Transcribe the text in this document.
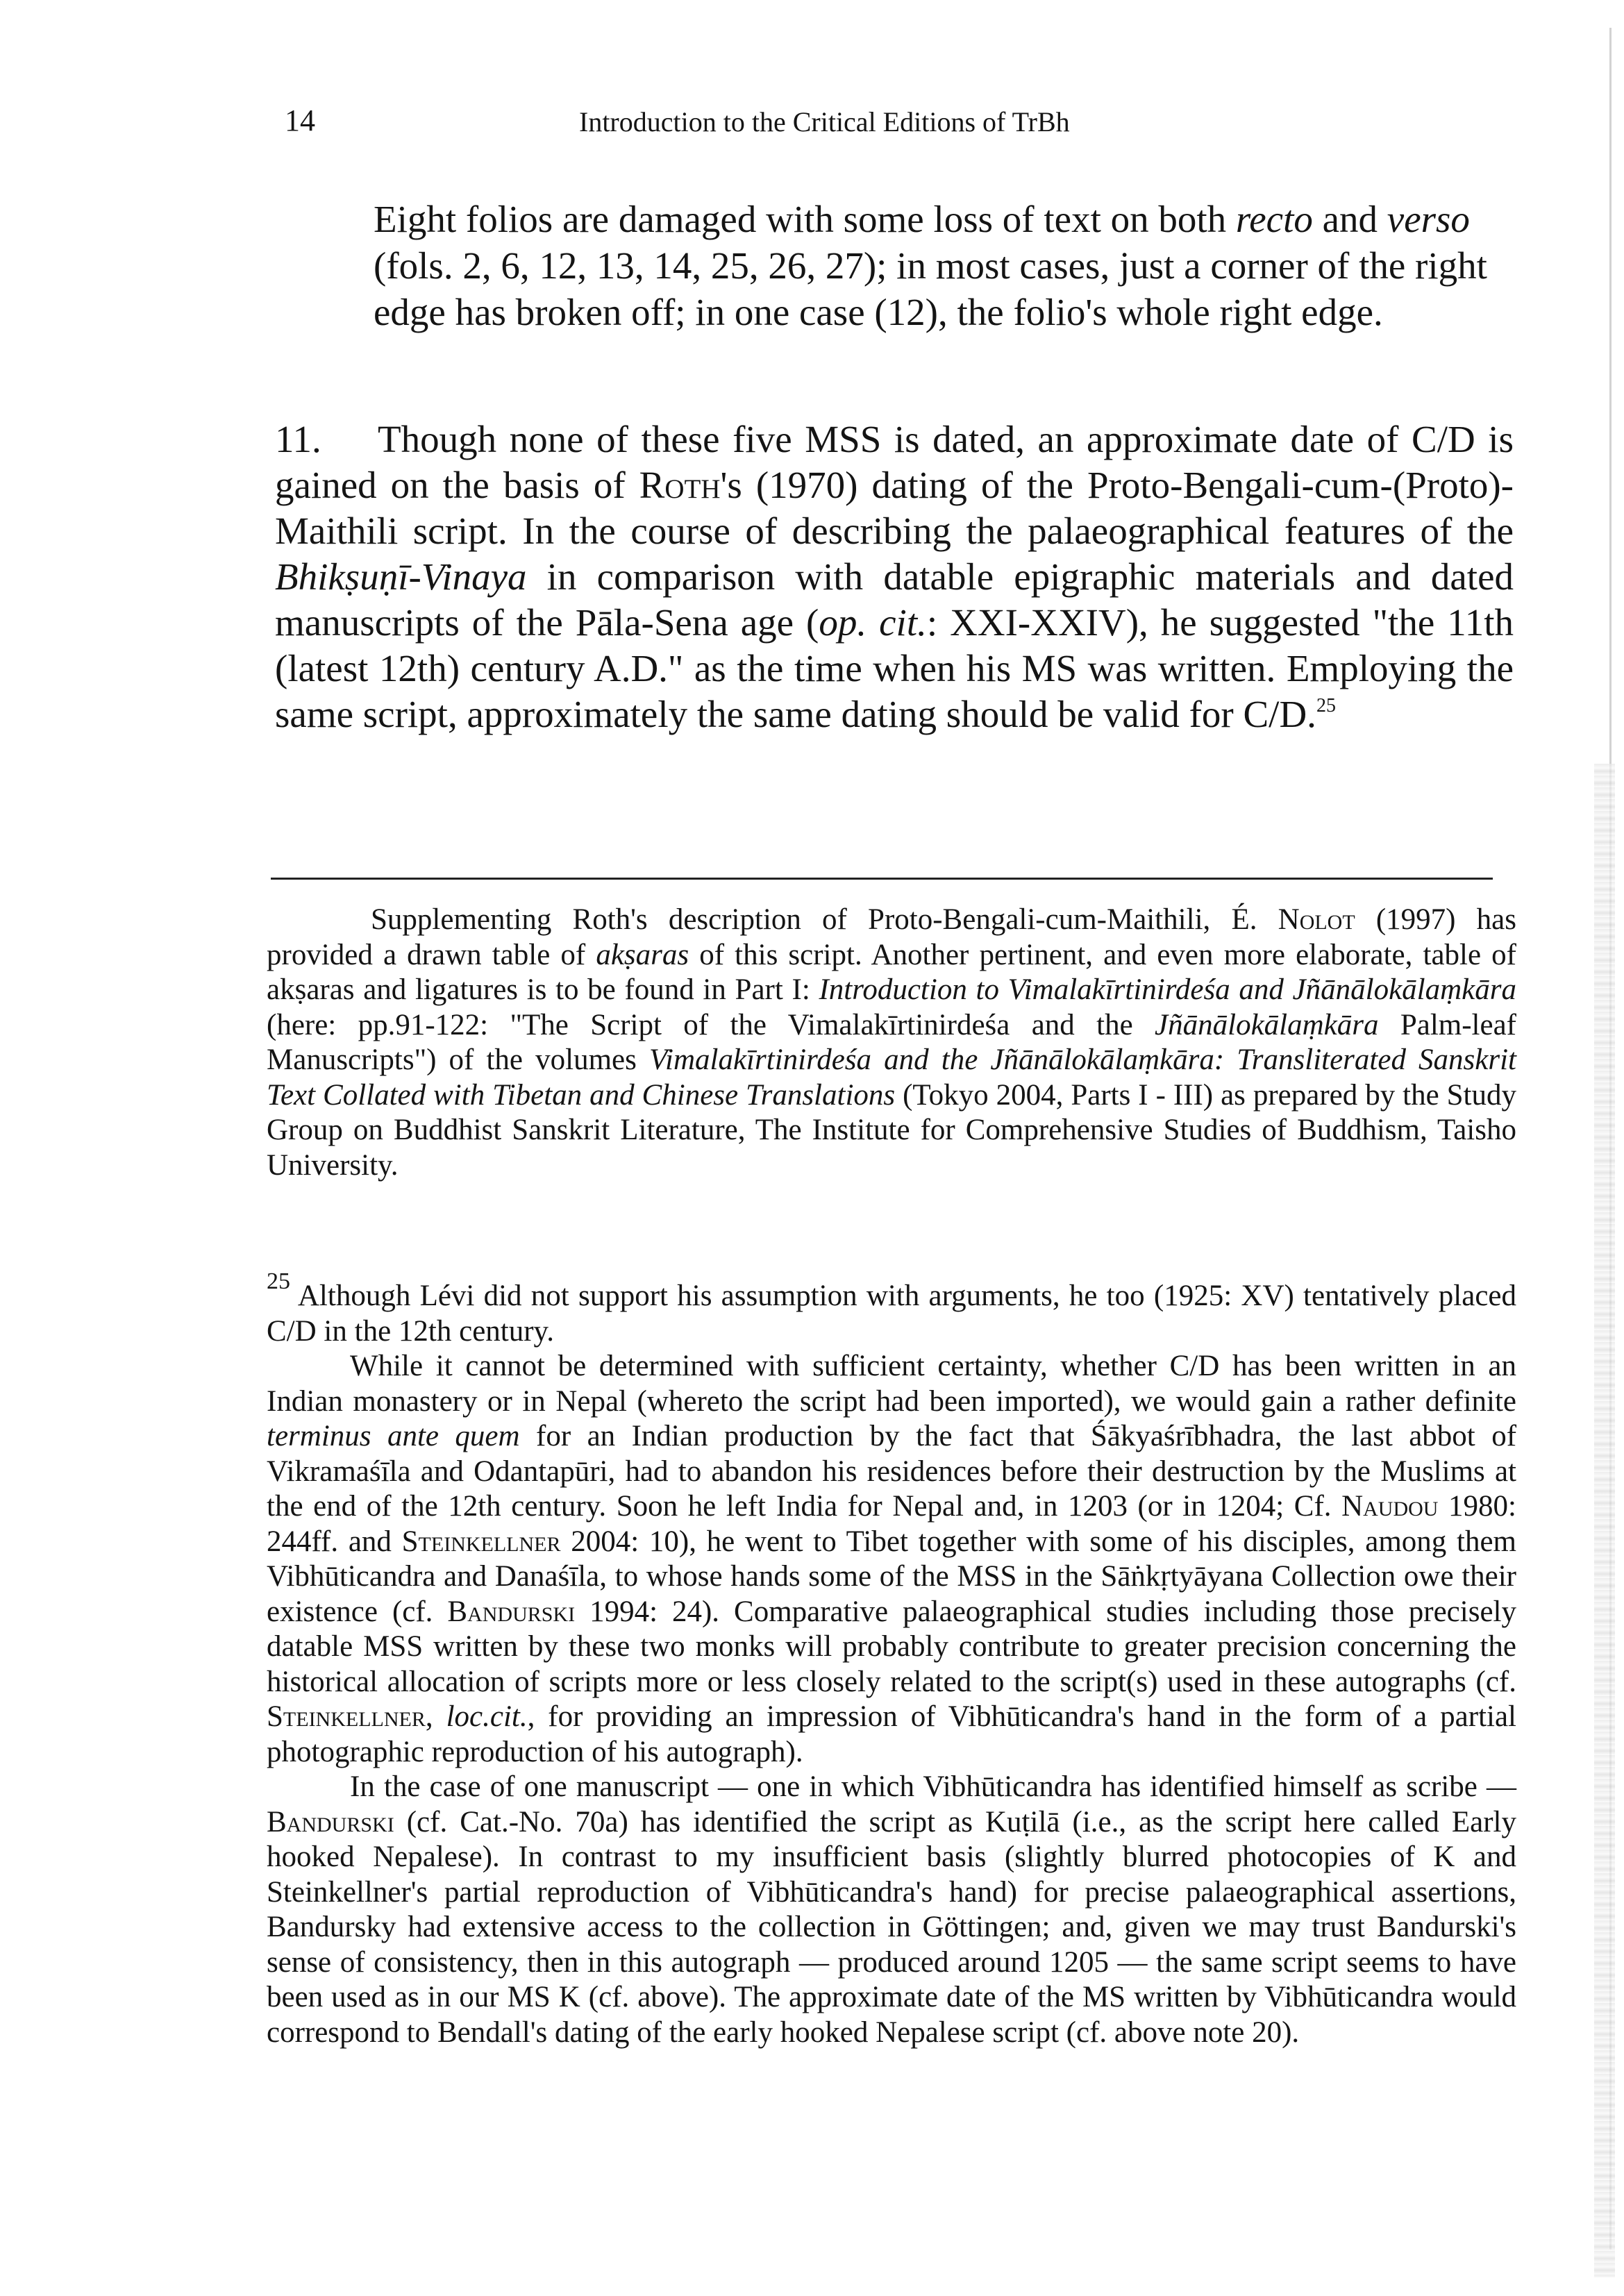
14	Introduction to the Critical Editions of TrBh

Eight folios are damaged with some loss of text on both recto and verso (fols. 2, 6, 12, 13, 14, 25, 26, 27); in most cases, just a corner of the right edge has broken off; in one case (12), the folio's whole right edge.

11. Though none of these five MSS is dated, an approximate date of C/D is gained on the basis of Roth's (1970) dating of the Proto-Bengali-cum-(Proto)-Maithili script. In the course of describing the palaeographical features of the Bhikṣuṇī-Vinaya in comparison with datable epigraphic materials and dated manuscripts of the Pāla-Sena age (op. cit.: XXI-XXIV), he suggested "the 11th (latest 12th) century A.D." as the time when his MS was written. Employing the same script, approximately the same dating should be valid for C/D.$^{25}$

Supplementing Roth's description of Proto-Bengali-cum-Maithili, É. Nolot (1997) has provided a drawn table of akṣaras of this script. Another pertinent, and even more elaborate, table of akṣaras and ligatures is to be found in Part I: Introduction to Vimalakīrtinirdeśa and Jñānālokālaṃkāra (here: pp.91-122: "The Script of the Vimalakīrtinirdeśa and the Jñānālokālaṃkāra Palm-leaf Manuscripts") of the volumes Vimalakīrtinirdeśa and the Jñānālokālaṃkāra: Transliterated Sanskrit Text Collated with Tibetan and Chinese Translations (Tokyo 2004, Parts I - III) as prepared by the Study Group on Buddhist Sanskrit Literature, The Institute for Comprehensive Studies of Buddhism, Taisho University.

$^{25}$ Although Lévi did not support his assumption with arguments, he too (1925: XV) tentatively placed C/D in the 12th century.

While it cannot be determined with sufficient certainty, whether C/D has been written in an Indian monastery or in Nepal (whereto the script had been imported), we would gain a rather definite terminus ante quem for an Indian production by the fact that Śākyaśrībhadra, the last abbot of Vikramaśīla and Odantapūri, had to abandon his residences before their destruction by the Muslims at the end of the 12th century. Soon he left India for Nepal and, in 1203 (or in 1204; Cf. Naudou 1980: 244ff. and Steinkellner 2004: 10), he went to Tibet together with some of his disciples, among them Vibhūticandra and Danaśīla, to whose hands some of the MSS in the Sāṅkṛtyāyana Collection owe their existence (cf. Bandurski 1994: 24). Comparative palaeographical studies including those precisely datable MSS written by these two monks will probably contribute to greater precision concerning the historical allocation of scripts more or less closely related to the script(s) used in these autographs (cf. Steinkellner, loc.cit., for providing an impression of Vibhūticandra's hand in the form of a partial photographic reproduction of his autograph).

In the case of one manuscript — one in which Vibhūticandra has identified himself as scribe — Bandurski (cf. Cat.-No. 70a) has identified the script as Kuṭilā (i.e., as the script here called Early hooked Nepalese). In contrast to my insufficient basis (slightly blurred photocopies of K and Steinkellner's partial reproduction of Vibhūticandra's hand) for precise palaeographical assertions, Bandursky had extensive access to the collection in Göttingen; and, given we may trust Bandurski's sense of consistency, then in this autograph — produced around 1205 — the same script seems to have been used as in our MS K (cf. above). The approximate date of the MS written by Vibhūticandra would correspond to Bendall's dating of the early hooked Nepalese script (cf. above note 20).
